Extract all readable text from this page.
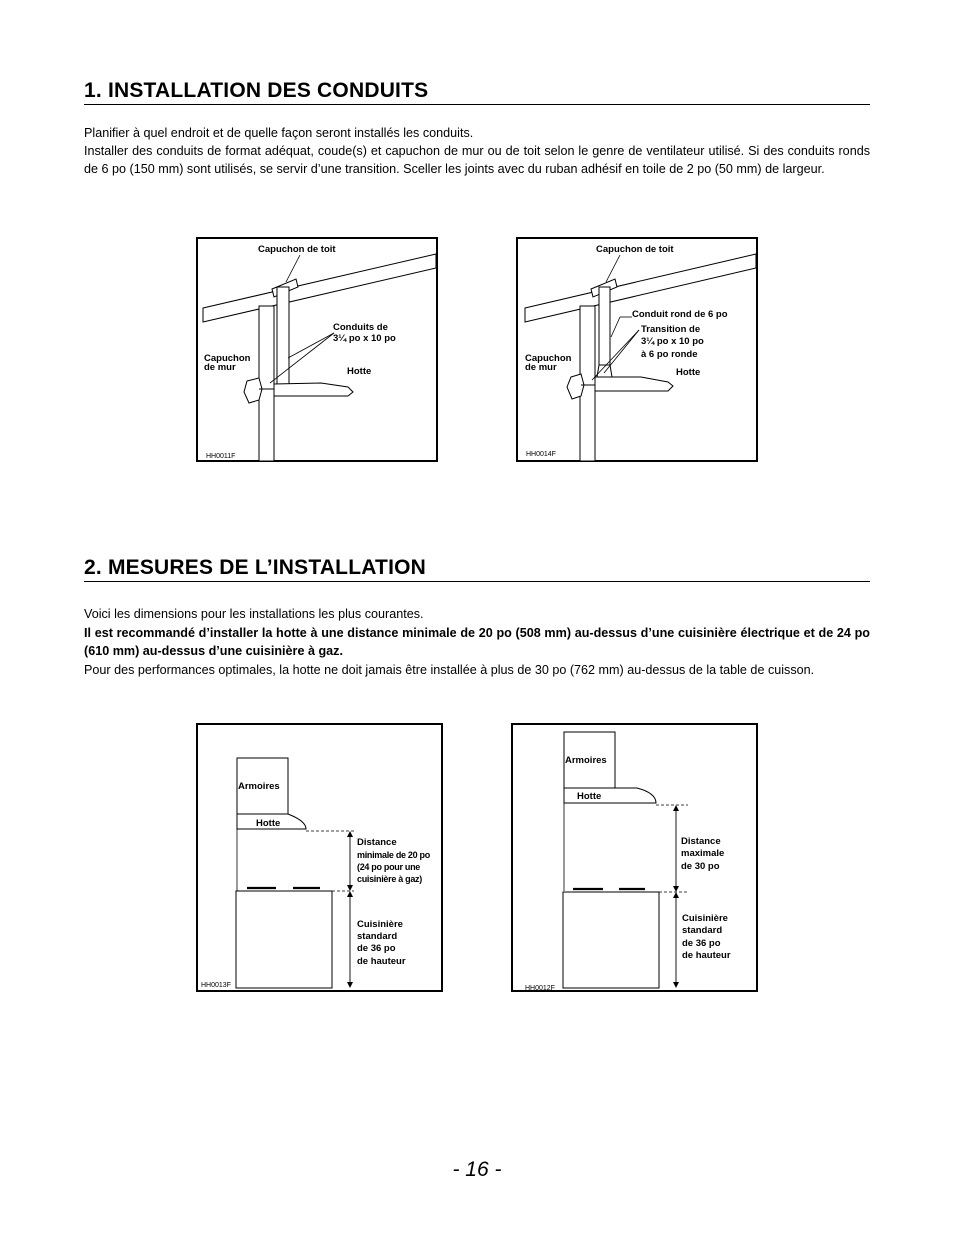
1. INSTALLATION DES CONDUITS

Planifier à quel endroit et de quelle façon seront installés les conduits.

Installer des conduits de format adéquat, coude(s) et capuchon de mur ou de toit selon le genre de ventilateur utilisé. Si des conduits ronds de 6 po (150 mm) sont utilisés, se servir d’une transition. Sceller les joints avec du ruban adhésif en toile de 2 po (50 mm) de largeur.

Capuchon de toit
Conduits de
3¼ po x 10 po
Capuchon
de mur	Hotte
HH0011F
Capuchon de toit
Conduit rond de 6 po
Transition de
3¼ po x 10 po
à 6 po ronde
Capuchon
de mur	Hotte
HH0014F
2. MESURES DE L’INSTALLATION

Voici les dimensions pour les installations les plus courantes.

Il est recommandé d’installer la hotte à une distance minimale de 20 po (508 mm) au-dessus d’une cuisinière électrique et de 24 po (610 mm) au-dessus d’une cuisinière à gaz.

Pour des performances optimales, la hotte ne doit jamais être installée à plus de 30 po (762 mm) au-dessus de la table de cuisson.

Armoires
Hotte
Distance
minimale de 20 po
(24 po pour une
cuisinière à gaz)
Cuisinière
standard
de 36 po
de hauteur
HH0013F
Armoires
Hotte
Distance
maximale
de 30 po
Cuisinière
standard
de 36 po
de hauteur
HH0012F
- 16 -
